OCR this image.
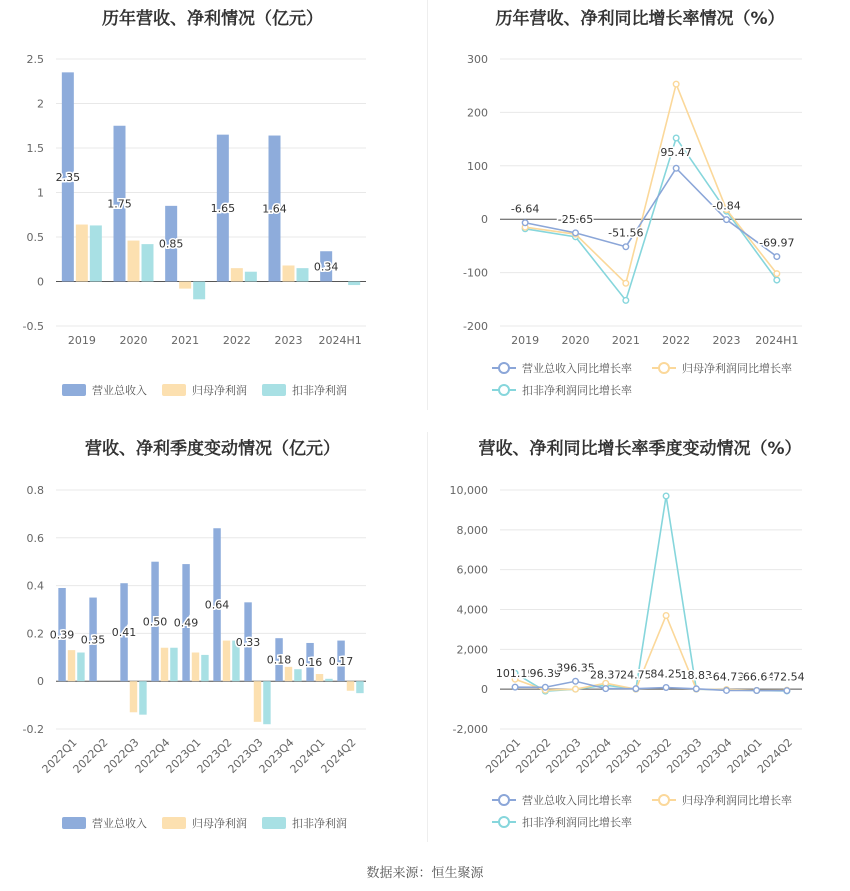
历年营收、净利情况（亿元）
-0.5
0
0.5
1
1.5
2
2.5
2019 2020 2021 2022 2023 2024H1
2.35
1.75
0.85
1.65 1.64
0.34
营业总收入	归母净利润	扣非净利润
历年营收、净利同比增长率情况（%）
-200
-100
0
100
200
300
2019 2020 2021 2022 2023 2024H1
-6.64
-25.65
-51.56
95.47
-0.84
-69.97
营业总收入同比增长率	归母净利润同比增长率
扣非净利润同比增长率
营收、净利季度变动情况（亿元）
-0.2
0
0.2
0.4
0.6
0.8
2022Q1
2022Q2
2022Q3
2022Q4
2023Q1
2023Q2
2023Q3
2023Q4
2024Q1
2024Q2
0.39 0.35
0.41
0.50 0.49
0.64
0.33
0.18 0.16 0.17
营业总收入	归母净利润	扣非净利润
营收、净利同比增长率季度变动情况（%）
-2,000
0
2,000
4,000
6,000
8,000
10,000
2022Q1
2022Q2
2022Q3
2022Q4
2023Q1
2023Q2
2023Q3
2023Q4
2024Q1
2024Q2
101.19
96.39
396.35
28.37
24.75
84.25
18.83
-64.73
-66.64
-72.54
营业总收入同比增长率	归母净利润同比增长率
扣非净利润同比增长率
数据来源：恒生聚源
